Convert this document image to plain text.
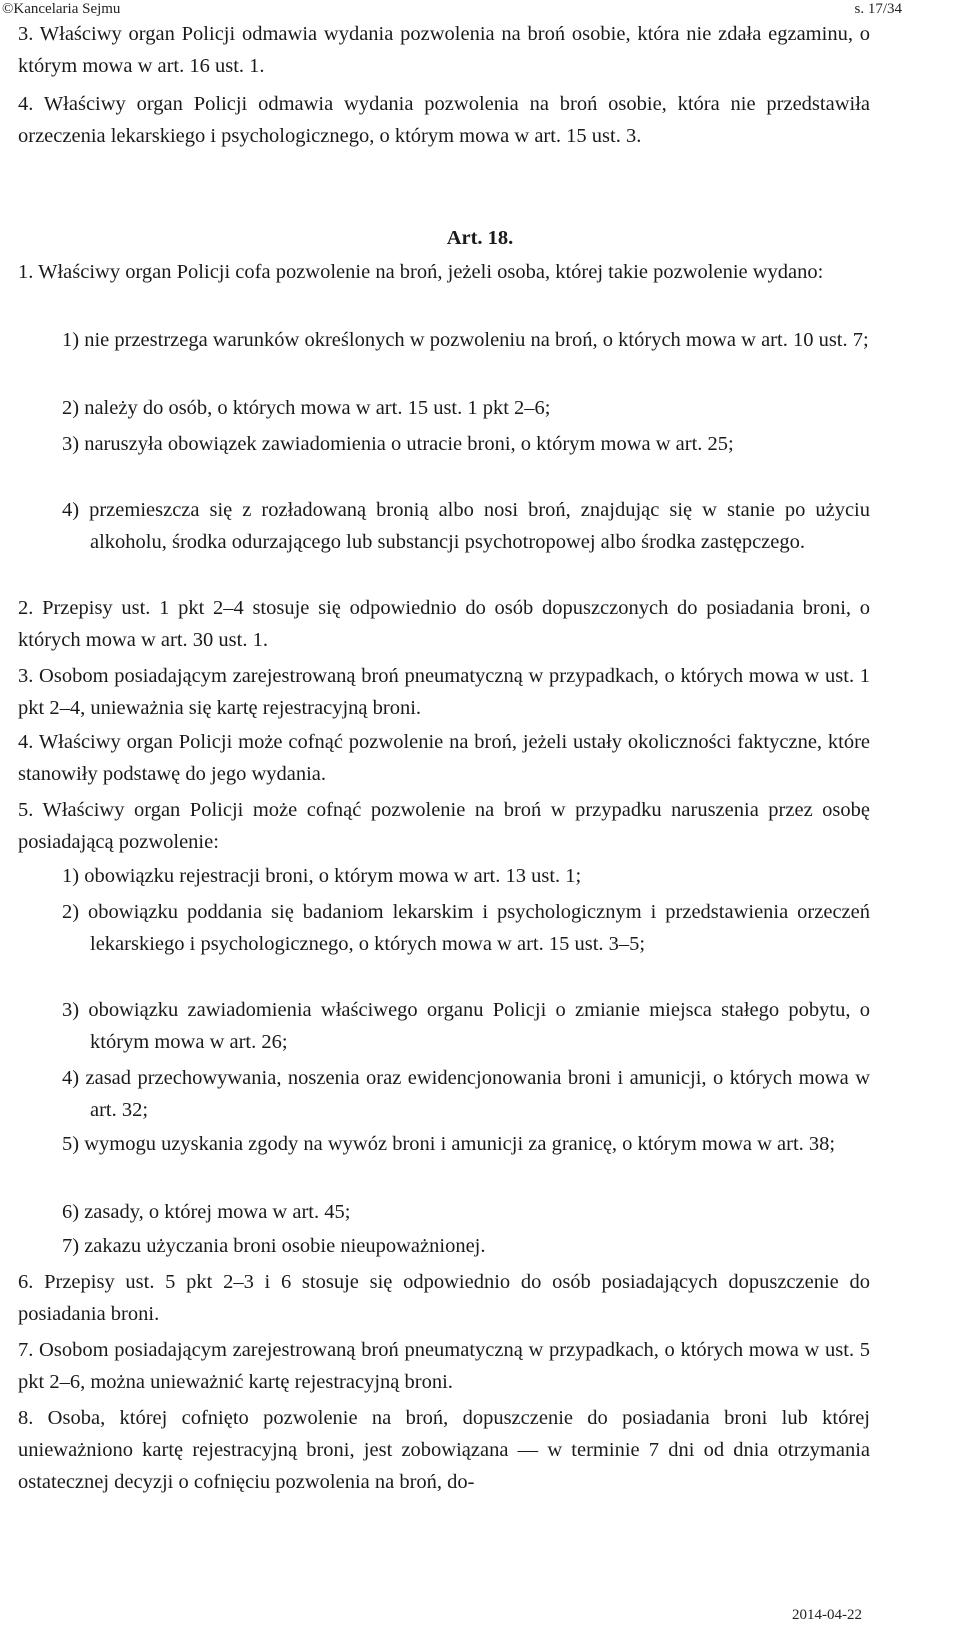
©Kancelaria Sejmu	s. 17/34

3. Właściwy organ Policji odmawia wydania pozwolenia na broń osobie, która nie zdała egzaminu, o którym mowa w art. 16 ust. 1.

4. Właściwy organ Policji odmawia wydania pozwolenia na broń osobie, która nie przedstawiła orzeczenia lekarskiego i psychologicznego, o którym mowa w art. 15 ust. 3.

Art. 18.

1. Właściwy organ Policji cofa pozwolenie na broń, jeżeli osoba, której takie pozwolenie wydano:

1) nie przestrzega warunków określonych w pozwoleniu na broń, o których mowa w art. 10 ust. 7;

2) należy do osób, o których mowa w art. 15 ust. 1 pkt 2–6;

3) naruszyła obowiązek zawiadomienia o utracie broni, o którym mowa w art. 25;

4) przemieszcza się z rozładowaną bronią albo nosi broń, znajdując się w stanie po użyciu alkoholu, środka odurzającego lub substancji psychotropowej albo środka zastępczego.

2. Przepisy ust. 1 pkt 2–4 stosuje się odpowiednio do osób dopuszczonych do posiadania broni, o których mowa w art. 30 ust. 1.

3. Osobom posiadającym zarejestrowaną broń pneumatyczną w przypadkach, o których mowa w ust. 1 pkt 2–4, unieważnia się kartę rejestracyjną broni.

4. Właściwy organ Policji może cofnąć pozwolenie na broń, jeżeli ustały okoliczności faktyczne, które stanowiły podstawę do jego wydania.

5. Właściwy organ Policji może cofnąć pozwolenie na broń w przypadku naruszenia przez osobę posiadającą pozwolenie:

1) obowiązku rejestracji broni, o którym mowa w art. 13 ust. 1;

2) obowiązku poddania się badaniom lekarskim i psychologicznym i przedstawienia orzeczeń lekarskiego i psychologicznego, o których mowa w art. 15 ust. 3–5;

3) obowiązku zawiadomienia właściwego organu Policji o zmianie miejsca stałego pobytu, o którym mowa w art. 26;

4) zasad przechowywania, noszenia oraz ewidencjonowania broni i amunicji, o których mowa w art. 32;

5) wymogu uzyskania zgody na wywóz broni i amunicji za granicę, o którym mowa w art. 38;

6) zasady, o której mowa w art. 45;

7) zakazu użyczania broni osobie nieupoważnionej.

6. Przepisy ust. 5 pkt 2–3 i 6 stosuje się odpowiednio do osób posiadających dopuszczenie do posiadania broni.

7. Osobom posiadającym zarejestrowaną broń pneumatyczną w przypadkach, o których mowa w ust. 5 pkt 2–6, można unieważnić kartę rejestracyjną broni.

8. Osoba, której cofnięto pozwolenie na broń, dopuszczenie do posiadania broni lub której unieważniono kartę rejestracyjną broni, jest zobowiązana — w terminie 7 dni od dnia otrzymania ostatecznej decyzji o cofnięciu pozwolenia na broń, do-

2014-04-22
